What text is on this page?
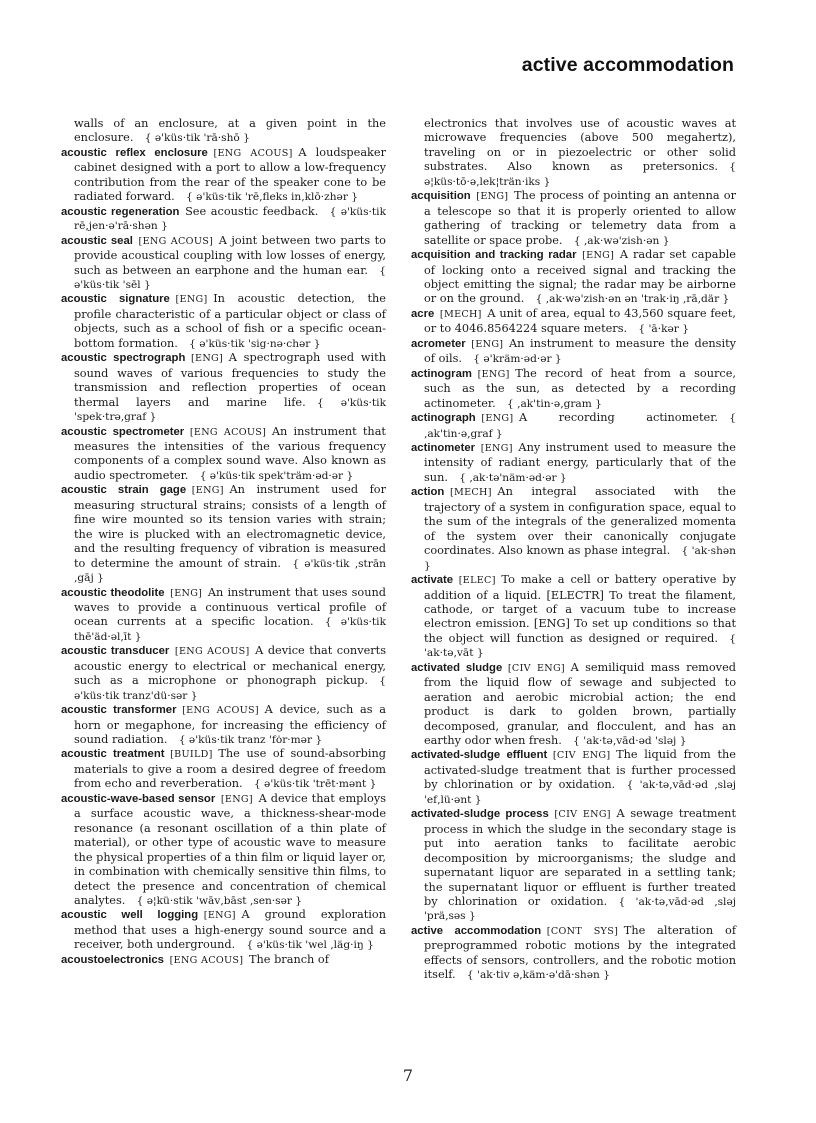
active accommodation

walls of an enclosure, at a given point in the enclosure.  { ə'küs·tik 'rā·shō }

acoustic reflex enclosure  [ENG ACOUS]  A loudspeaker cabinet designed with a port to allow a low-frequency contribution from the rear of the speaker cone to be radiated forward.  { ə'küs·tik 'rē‚fleks in‚klō·zhər }

acoustic regeneration  See acoustic feedback.  { ə'küs·tik rē‚jen·ə'rā·shən }

acoustic seal  [ENG ACOUS]  A joint between two parts to provide acoustical coupling with low losses of energy, such as between an earphone and the human ear.  { ə'küs·tik 'sēl }

acoustic signature  [ENG]  In acoustic detection, the profile characteristic of a particular object or class of objects, such as a school of fish or a specific ocean-bottom formation.  { ə'küs·tik 'sig·nə·chər }

acoustic spectrograph  [ENG]  A spectrograph used with sound waves of various frequencies to study the transmission and reflection properties of ocean thermal layers and marine life.  { ə'küs·tik 'spek·trə‚graf }

acoustic spectrometer  [ENG ACOUS]  An instrument that measures the intensities of the various frequency components of a complex sound wave. Also known as audio spectrometer.  { ə'küs·tik spek'träm·əd·ər }

acoustic strain gage  [ENG]  An instrument used for measuring structural strains; consists of a length of fine wire mounted so its tension varies with strain; the wire is plucked with an electromagnetic device, and the resulting frequency of vibration is measured to determine the amount of strain.  { ə'küs·tik ‚strān ‚gāj }

acoustic theodolite  [ENG]  An instrument that uses sound waves to provide a continuous vertical profile of ocean currents at a specific location.  { ə'küs·tik thē'äd·əl‚īt }

acoustic transducer  [ENG ACOUS]  A device that converts acoustic energy to electrical or mechanical energy, such as a microphone or phonograph pickup.  { ə'küs·tik tranz'dü·sər }

acoustic transformer  [ENG ACOUS]  A device, such as a horn or megaphone, for increasing the efficiency of sound radiation.  { ə'küs·tik tranz 'fȯr·mər }

acoustic treatment  [BUILD]  The use of sound-absorbing materials to give a room a desired degree of freedom from echo and reverberation.  { ə'küs·tik 'trēt·mənt }

acoustic-wave-based sensor  [ENG]  A device that employs a surface acoustic wave, a thickness-shear-mode resonance (a resonant oscillation of a thin plate of material), or other type of acoustic wave to measure the physical properties of a thin film or liquid layer or, in combination with chemically sensitive thin films, to detect the presence and concentration of chemical analytes.  { ə¦kü·stik 'wāv‚bāst ‚sen·sər }

acoustic well logging  [ENG]  A ground exploration method that uses a high-energy sound source and a receiver, both underground.  { ə'küs·tik 'wel ‚läg·iŋ }

acoustoelectronics  [ENG ACOUS]  The branch of

electronics that involves use of acoustic waves at microwave frequencies (above 500 megahertz), traveling on or in piezoelectric or other solid substrates. Also known as pretersonics.  { ə¦küs·tō·ə‚lek¦trän·iks }

acquisition  [ENG]  The process of pointing an antenna or a telescope so that it is properly oriented to allow gathering of tracking or telemetry data from a satellite or space probe.  { ‚ak·wə'zish·ən }

acquisition and tracking radar  [ENG]  A radar set capable of locking onto a received signal and tracking the object emitting the signal; the radar may be airborne or on the ground.  { ‚ak·wə'zish·ən ən 'trak·iŋ ‚rā‚där }

acre  [MECH]  A unit of area, equal to 43,560 square feet, or to 4046.8564224 square meters.  { 'ā·kər }

acrometer  [ENG]  An instrument to measure the density of oils.  { ə'kräm·əd·ər }

actinogram  [ENG]  The record of heat from a source, such as the sun, as detected by a recording actinometer.  { ‚ak'tin·ə‚gram }

actinograph  [ENG]  A recording actinometer.  { ‚ak'tin·ə‚graf }

actinometer  [ENG]  Any instrument used to measure the intensity of radiant energy, particularly that of the sun.  { ‚ak·tə'näm·əd·ər }

action  [MECH]  An integral associated with the trajectory of a system in configuration space, equal to the sum of the integrals of the generalized momenta of the system over their canonically conjugate coordinates. Also known as phase integral.  { 'ak·shən }

activate  [ELEC]  To make a cell or battery operative by addition of a liquid. [ELECTR] To treat the filament, cathode, or target of a vacuum tube to increase electron emission. [ENG] To set up conditions so that the object will function as designed or required.  { 'ak·tə‚vāt }

activated sludge  [CIV ENG]  A semiliquid mass removed from the liquid flow of sewage and subjected to aeration and aerobic microbial action; the end product is dark to golden brown, partially decomposed, granular, and flocculent, and has an earthy odor when fresh.  { 'ak·tə‚vād·əd 'sləj }

activated-sludge effluent  [CIV ENG]  The liquid from the activated-sludge treatment that is further processed by chlorination or by oxidation.  { 'ak·tə‚vād·əd ‚sləj 'ef‚lü·ənt }

activated-sludge process  [CIV ENG]  A sewage treatment process in which the sludge in the secondary stage is put into aeration tanks to facilitate aerobic decomposition by microorganisms; the sludge and supernatant liquor are separated in a settling tank; the supernatant liquor or effluent is further treated by chlorination or oxidation.  { 'ak·tə‚vād·əd ‚sləj 'prä‚səs }

active accommodation  [CONT SYS]  The alteration of preprogrammed robotic motions by the integrated effects of sensors, controllers, and the robotic motion itself.  { 'ak·tiv ə‚käm·ə'dā·shən }

7
